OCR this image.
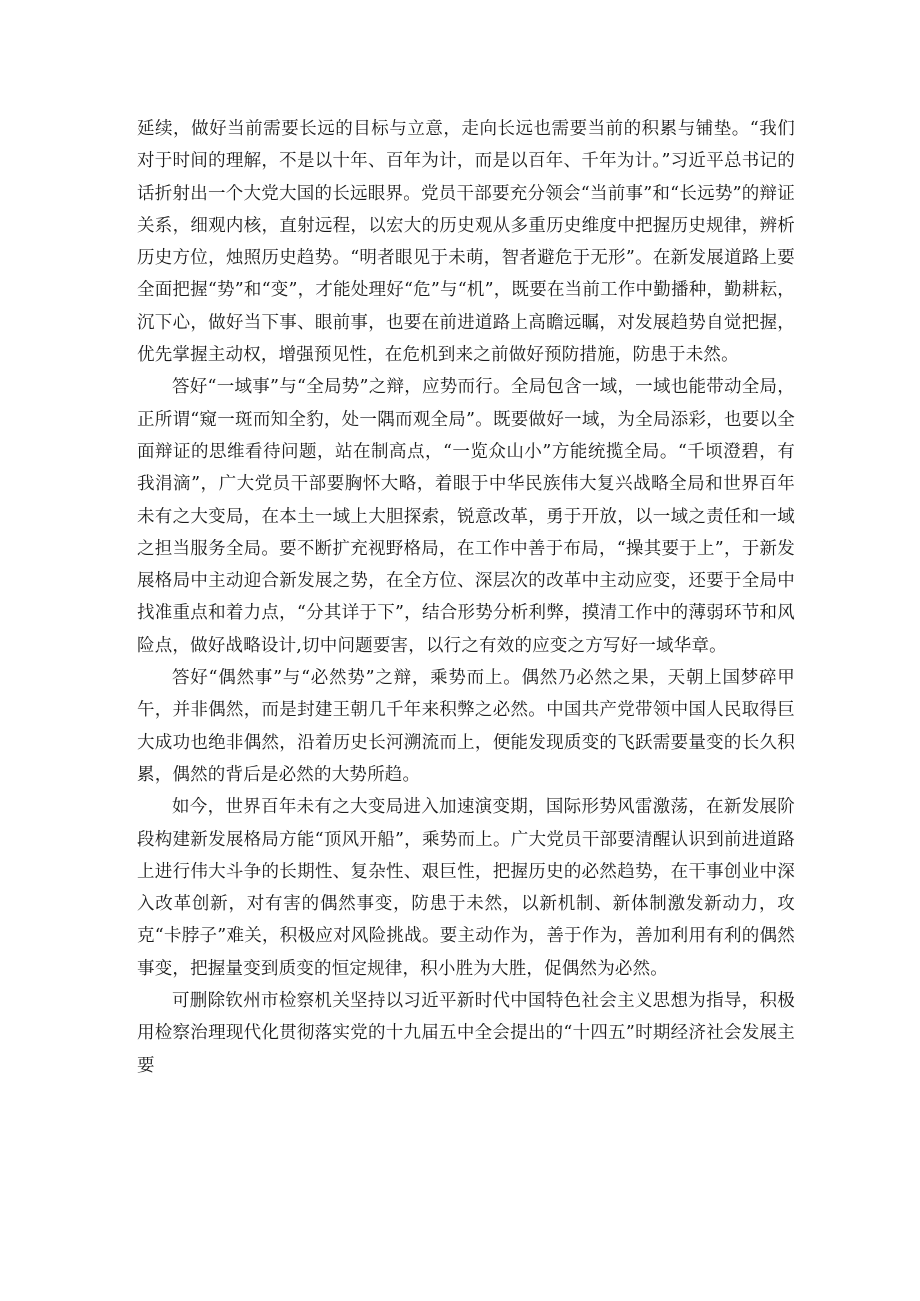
延续，做好当前需要长远的目标与立意，走向长远也需要当前的积累与铺垫。“我们对于时间的理解，不是以十年、百年为计，而是以百年、千年为计。”习近平总书记的话折射出一个大党大国的长远眼界。党员干部要充分领会“当前事”和“长远势”的辩证关系，细观内核，直射远程，以宏大的历史观从多重历史维度中把握历史规律，辨析历史方位，烛照历史趋势。“明者眼见于未萌，智者避危于无形”。在新发展道路上要全面把握“势”和“变”，才能处理好“危”与“机”，既要在当前工作中勤播种，勤耕耘，沉下心，做好当下事、眼前事，也要在前进道路上高瞻远瞩，对发展趋势自觉把握，优先掌握主动权，增强预见性，在危机到来之前做好预防措施，防患于未然。

答好“一域事”与“全局势”之辩，应势而行。全局包含一域，一域也能带动全局，正所谓“窥一斑而知全豹，处一隅而观全局”。既要做好一域，为全局添彩，也要以全面辩证的思维看待问题，站在制高点，“一览众山小”方能统揽全局。“千顷澄碧，有我涓滴”，广大党员干部要胸怀大略，着眼于中华民族伟大复兴战略全局和世界百年未有之大变局，在本土一域上大胆探索，锐意改革，勇于开放，以一域之责任和一域之担当服务全局。要不断扩充视野格局，在工作中善于布局，“操其要于上”，于新发展格局中主动迎合新发展之势，在全方位、深层次的改革中主动应变，还要于全局中找准重点和着力点，“分其详于下”，结合形势分析利弊，摸清工作中的薄弱环节和风险点，做好战略设计,切中问题要害，以行之有效的应变之方写好一域华章。

答好“偶然事”与“必然势”之辩，乘势而上。偶然乃必然之果，天朝上国梦碎甲午，并非偶然，而是封建王朝几千年来积弊之必然。中国共产党带领中国人民取得巨大成功也绝非偶然，沿着历史长河溯流而上，便能发现质变的飞跃需要量变的长久积累，偶然的背后是必然的大势所趋。

如今，世界百年未有之大变局进入加速演变期，国际形势风雷激荡，在新发展阶段构建新发展格局方能“顶风开船”，乘势而上。广大党员干部要清醒认识到前进道路上进行伟大斗争的长期性、复杂性、艰巨性，把握历史的必然趋势，在干事创业中深入改革创新，对有害的偶然事变，防患于未然，以新机制、新体制激发新动力，攻克“卡脖子”难关，积极应对风险挑战。要主动作为，善于作为，善加利用有利的偶然事变，把握量变到质变的恒定规律，积小胜为大胜，促偶然为必然。

可删除钦州市检察机关坚持以习近平新时代中国特色社会主义思想为指导，积极用检察治理现代化贯彻落实党的十九届五中全会提出的“十四五”时期经济社会发展主要
